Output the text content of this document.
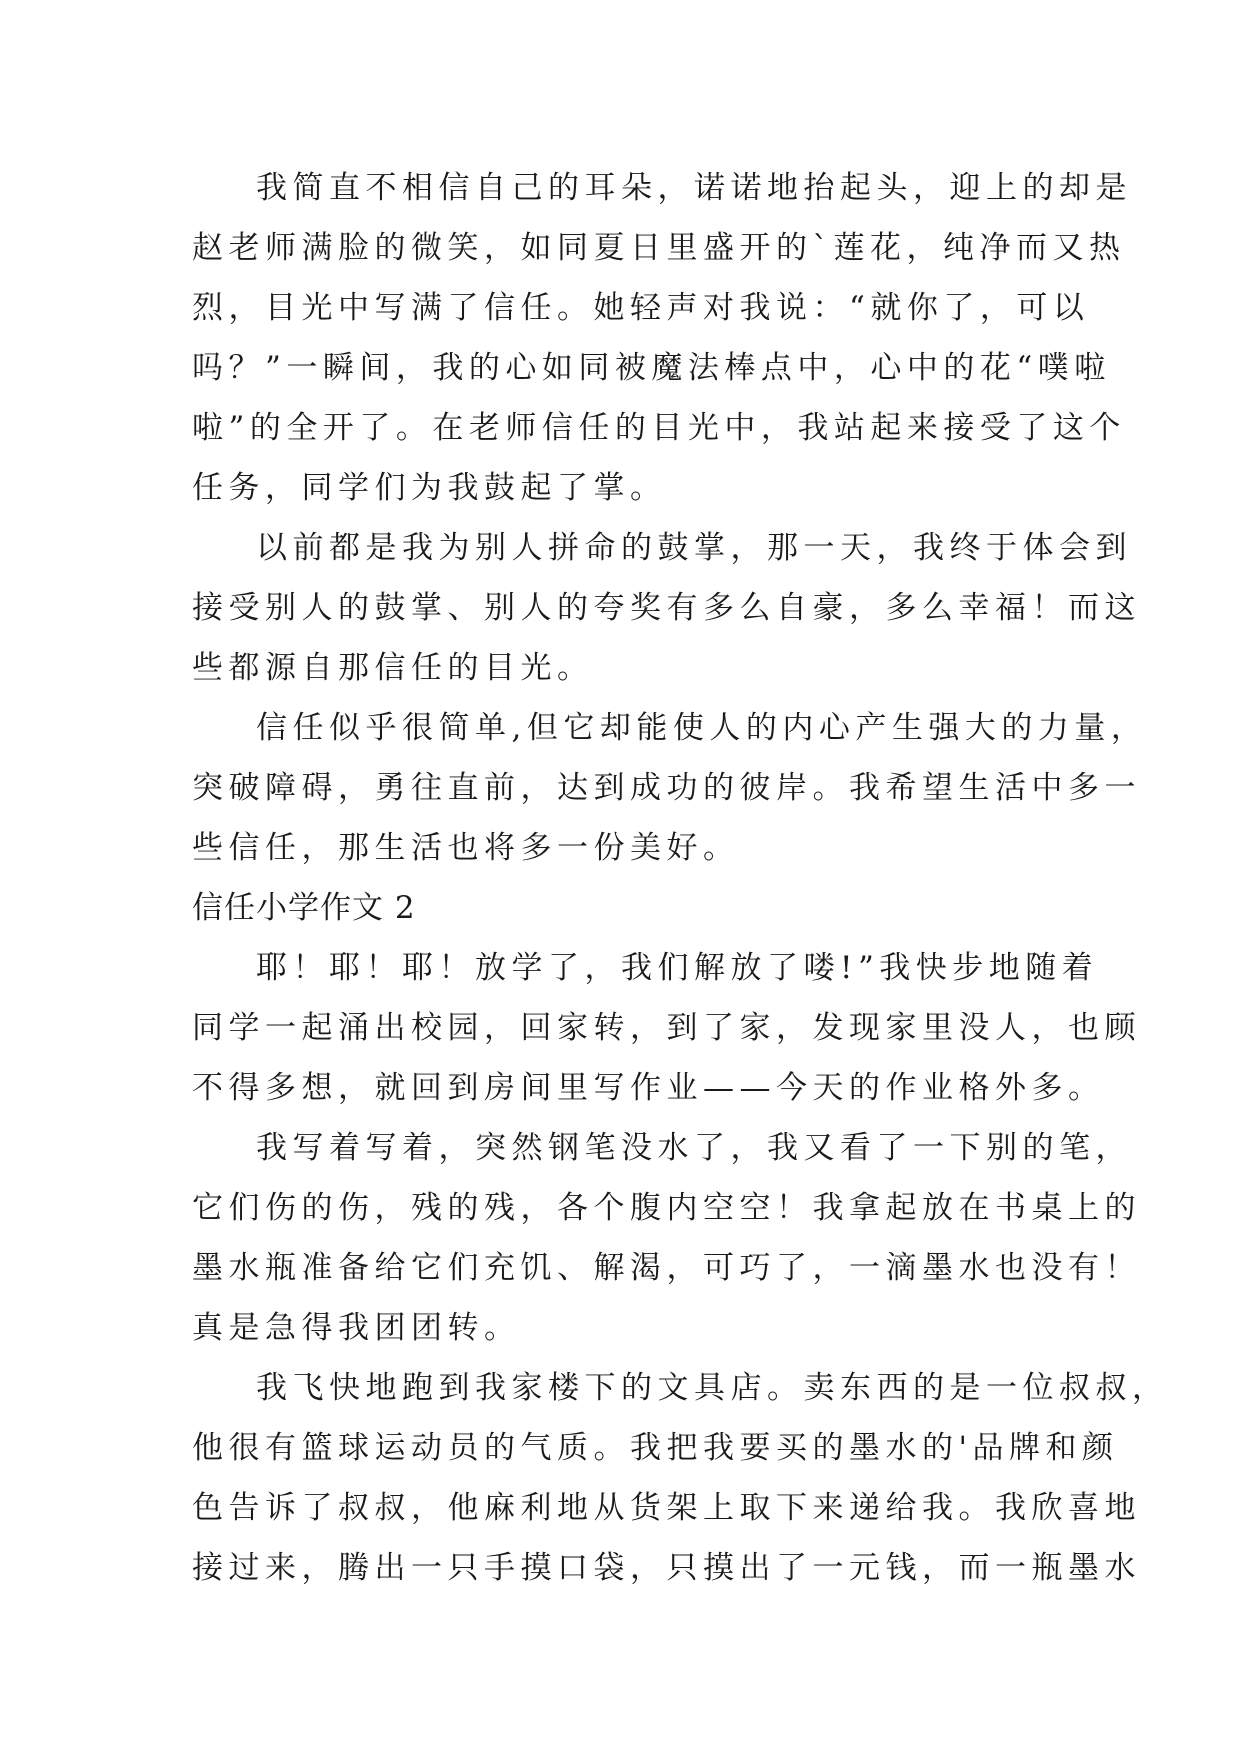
我简直不相信自己的耳朵，诺诺地抬起头，迎上的却是
赵老师满脸的微笑，如同夏日里盛开的`莲花，纯净而又热
烈，目光中写满了信任。她轻声对我说：“就你了，可以
吗？”一瞬间，我的心如同被魔法棒点中，心中的花“噗啦
啦”的全开了。在老师信任的目光中，我站起来接受了这个
任务，同学们为我鼓起了掌。
以前都是我为别人拼命的鼓掌，那一天，我终于体会到
接受别人的鼓掌、别人的夸奖有多么自豪，多么幸福！而这
些都源自那信任的目光。
信任似乎很简单,但它却能使人的内心产生强大的力量，
突破障碍，勇往直前，达到成功的彼岸。我希望生活中多一
些信任，那生活也将多一份美好。
信任小学作文 2
耶！耶！耶！放学了，我们解放了喽!”我快步地随着
同学一起涌出校园，回家转，到了家，发现家里没人，也顾
不得多想，就回到房间里写作业——今天的作业格外多。
我写着写着，突然钢笔没水了，我又看了一下别的笔，
它们伤的伤，残的残，各个腹内空空！我拿起放在书桌上的
墨水瓶准备给它们充饥、解渴，可巧了，一滴墨水也没有！
真是急得我团团转。
我飞快地跑到我家楼下的文具店。卖东西的是一位叔叔，
他很有篮球运动员的气质。我把我要买的墨水的'品牌和颜
色告诉了叔叔，他麻利地从货架上取下来递给我。我欣喜地
接过来，腾出一只手摸口袋，只摸出了一元钱，而一瓶墨水
